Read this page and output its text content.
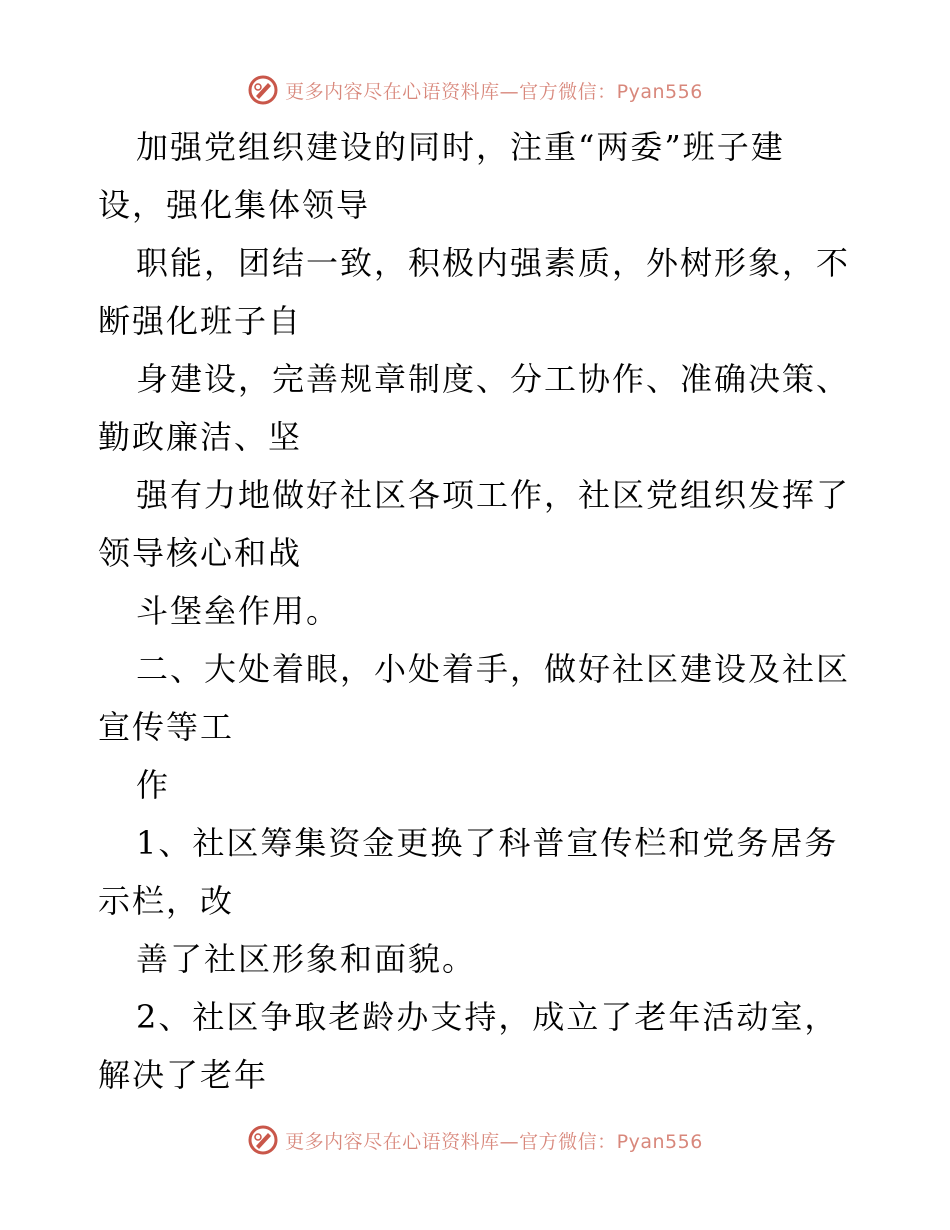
更多内容尽在心语资料库—官方微信：Pyan556
加强党组织建设的同时，注重“两委”班子建
设，强化集体领导
职能，团结一致，积极内强素质，外树形象，不
断强化班子自
身建设，完善规章制度、分工协作、准确决策、
勤政廉洁、坚
强有力地做好社区各项工作，社区党组织发挥了
领导核心和战
斗堡垒作用。
二、大处着眼，小处着手，做好社区建设及社区
宣传等工
作
1、社区筹集资金更换了科普宣传栏和党务居务
示栏，改
善了社区形象和面貌。
2、社区争取老龄办支持，成立了老年活动室，
解决了老年
更多内容尽在心语资料库—官方微信：Pyan556
